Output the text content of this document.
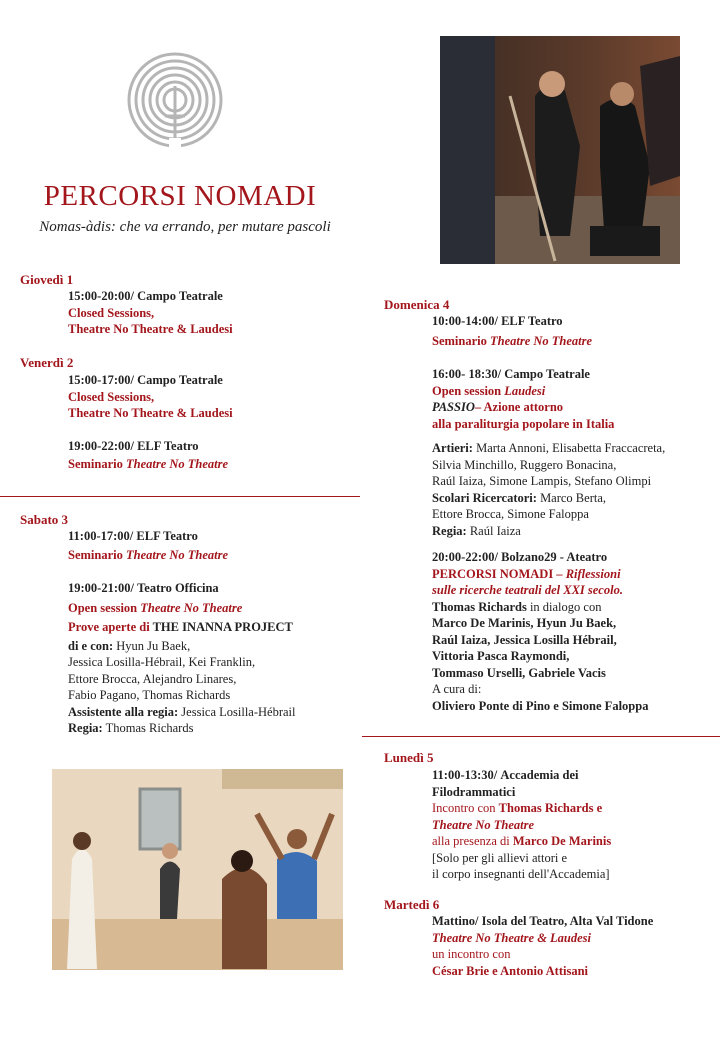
PERCORSI NOMADI
Nomas-àdis: che va errando, per mutare pascoli
Giovedì 1
15:00-20:00/ Campo Teatrale
Closed Sessions,
Theatre No Theatre & Laudesi
Venerdì 2
15:00-17:00/ Campo Teatrale
Closed Sessions,
Theatre No Theatre & Laudesi
19:00-22:00/ ELF Teatro
Seminario Theatre No Theatre
Sabato 3
11:00-17:00/ ELF Teatro
Seminario Theatre No Theatre
19:00-21:00/ Teatro Officina
Open session Theatre No Theatre
Prove aperte di THE INANNA PROJECT
di e con: Hyun Ju Baek,
Jessica Losilla-Hébrail, Kei Franklin,
Ettore Brocca, Alejandro Linares,
Fabio Pagano, Thomas Richards
Assistente alla regia: Jessica Losilla-Hébrail
Regia: Thomas Richards
Domenica 4
10:00-14:00/ ELF Teatro
Seminario Theatre No Theatre
16:00- 18:30/ Campo Teatrale
Open session Laudesi
PASSIO– Azione attorno
alla paraliturgia popolare in Italia
Artieri: Marta Annoni, Elisabetta Fraccacreta,
Silvia Minchillo, Ruggero Bonacina,
Raúl Iaiza, Simone Lampis, Stefano Olimpi
Scolari Ricercatori: Marco Berta,
Ettore Brocca, Simone Faloppa
Regia: Raúl Iaiza
20:00-22:00/ Bolzano29 - Ateatro
PERCORSI NOMADI – Riflessioni
sulle ricerche teatrali del XXI secolo.
Thomas Richards in dialogo con
Marco De Marinis, Hyun Ju Baek,
Raúl Iaiza, Jessica Losilla Hébrail,
Vittoria Pasca Raymondi,
Tommaso Urselli, Gabriele Vacis
A cura di:
Oliviero Ponte di Pino e Simone Faloppa
Lunedì 5
11:00-13:30/ Accademia dei
Filodrammatici
Incontro con Thomas Richards e
Theatre No Theatre
alla presenza di Marco De Marinis
[Solo per gli allievi attori e
il corpo insegnanti dell'Accademia]
Martedì 6
Mattino/ Isola del Teatro, Alta Val Tidone
Theatre No Theatre & Laudesi
un incontro con
César Brie e Antonio Attisani
